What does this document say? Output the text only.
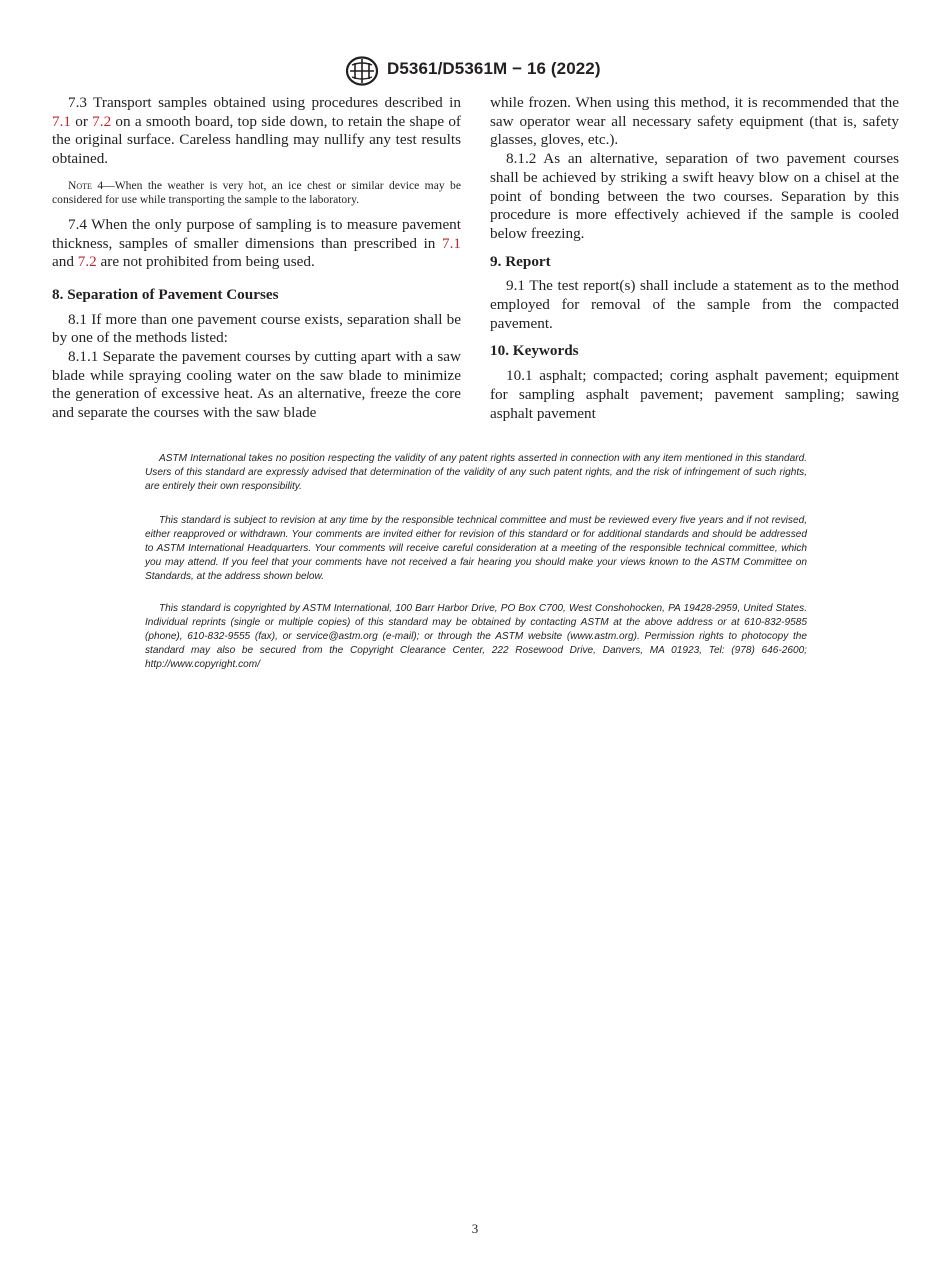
D5361/D5361M − 16 (2022)

7.3 Transport samples obtained using procedures described in 7.1 or 7.2 on a smooth board, top side down, to retain the shape of the original surface. Careless handling may nullify any test results obtained.

Note 4—When the weather is very hot, an ice chest or similar device may be considered for use while transporting the sample to the laboratory.

7.4 When the only purpose of sampling is to measure pavement thickness, samples of smaller dimensions than prescribed in 7.1 and 7.2 are not prohibited from being used.

8. Separation of Pavement Courses

8.1 If more than one pavement course exists, separation shall be by one of the methods listed:

8.1.1 Separate the pavement courses by cutting apart with a saw blade while spraying cooling water on the saw blade to minimize the generation of excessive heat. As an alternative, freeze the core and separate the courses with the saw blade

while frozen. When using this method, it is recommended that the saw operator wear all necessary safety equipment (that is, safety glasses, gloves, etc.).

8.1.2 As an alternative, separation of two pavement courses shall be achieved by striking a swift heavy blow on a chisel at the point of bonding between the two courses. Separation by this procedure is more effectively achieved if the sample is cooled below freezing.

9. Report

9.1 The test report(s) shall include a statement as to the method employed for removal of the sample from the compacted pavement.

10. Keywords

10.1 asphalt; compacted; coring asphalt pavement; equipment for sampling asphalt pavement; pavement sampling; sawing asphalt pavement

ASTM International takes no position respecting the validity of any patent rights asserted in connection with any item mentioned in this standard. Users of this standard are expressly advised that determination of the validity of any such patent rights, and the risk of infringement of such rights, are entirely their own responsibility.

This standard is subject to revision at any time by the responsible technical committee and must be reviewed every five years and if not revised, either reapproved or withdrawn. Your comments are invited either for revision of this standard or for additional standards and should be addressed to ASTM International Headquarters. Your comments will receive careful consideration at a meeting of the responsible technical committee, which you may attend. If you feel that your comments have not received a fair hearing you should make your views known to the ASTM Committee on Standards, at the address shown below.

This standard is copyrighted by ASTM International, 100 Barr Harbor Drive, PO Box C700, West Conshohocken, PA 19428-2959, United States. Individual reprints (single or multiple copies) of this standard may be obtained by contacting ASTM at the above address or at 610-832-9585 (phone), 610-832-9555 (fax), or service@astm.org (e-mail); or through the ASTM website (www.astm.org). Permission rights to photocopy the standard may also be secured from the Copyright Clearance Center, 222 Rosewood Drive, Danvers, MA 01923, Tel: (978) 646-2600; http://www.copyright.com/

3
